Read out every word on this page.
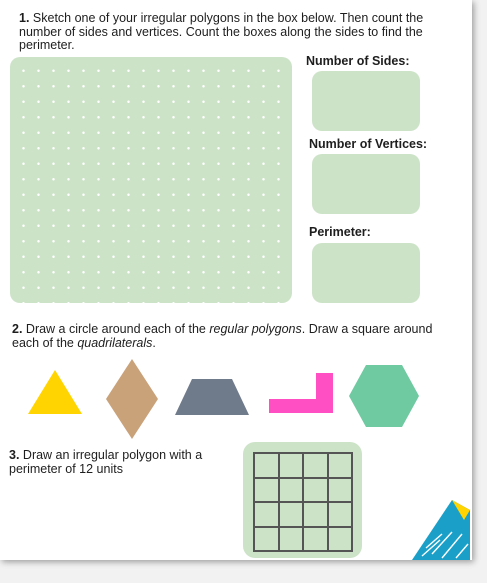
1. Sketch one of your irregular polygons in the box below. Then count the number of sides and vertices. Count the boxes along the sides to find the perimeter.
Number of Sides:
Number of Vertices:
Perimeter:
2. Draw a circle around each of the regular polygons. Draw a square around each of the quadrilaterals.
3. Draw an irregular polygon with a perimeter of 12 units
